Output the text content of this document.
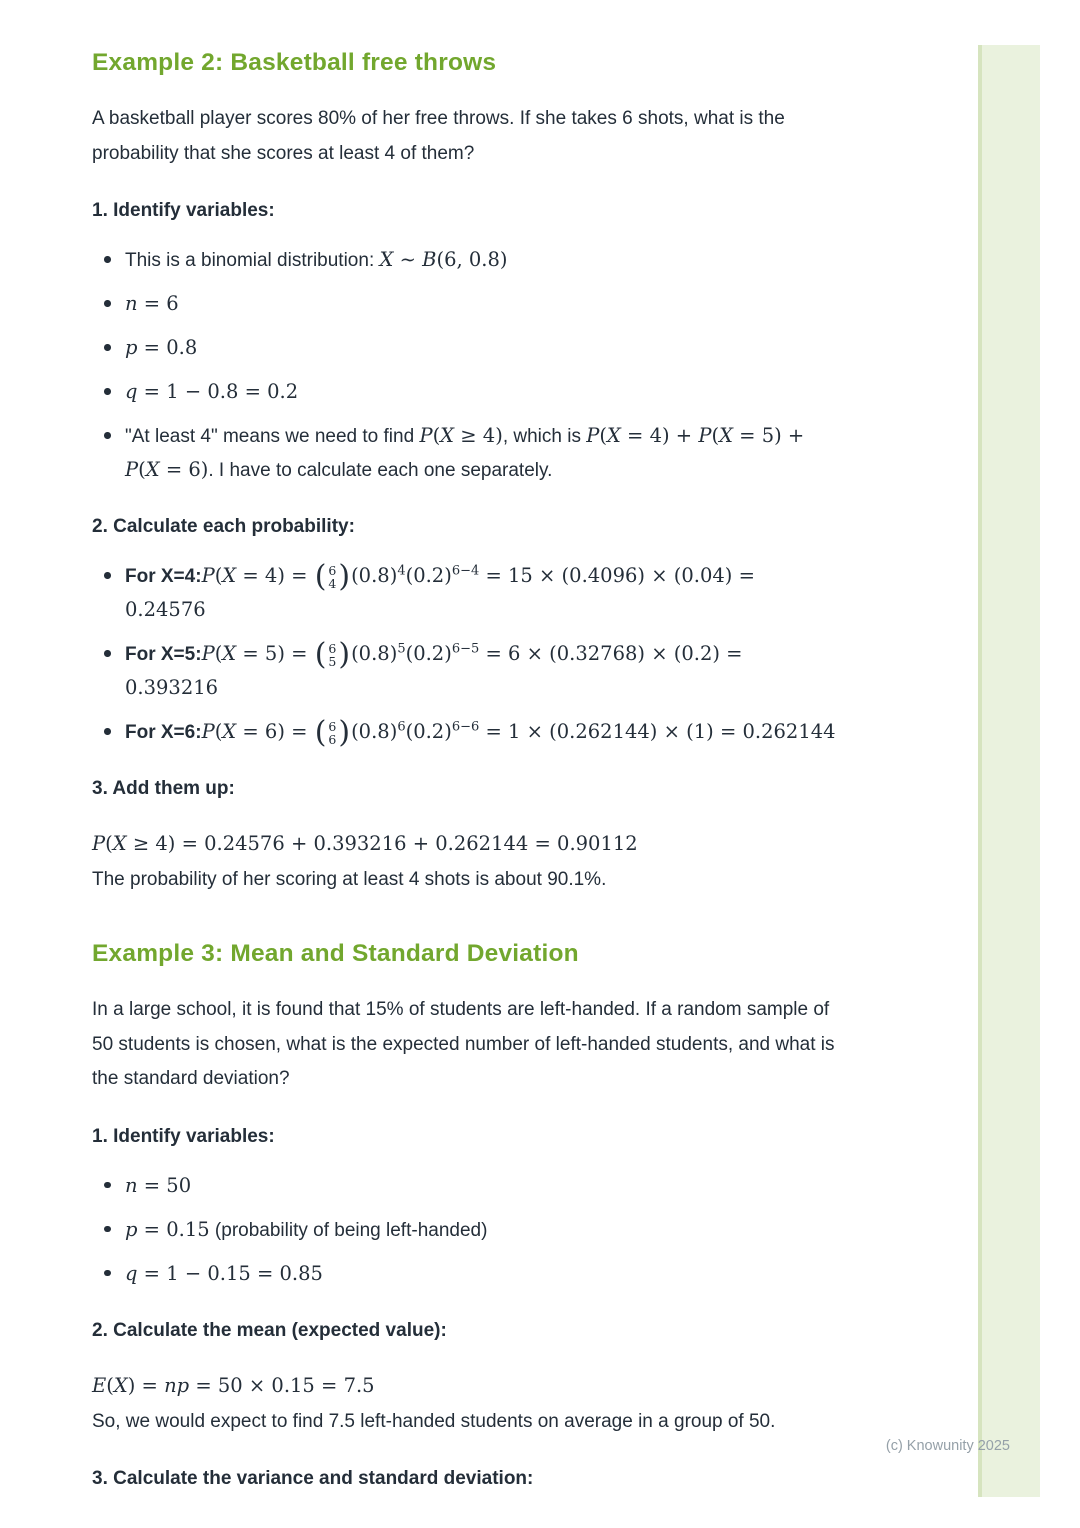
(c) Knowunity 2025
Example 2: Basketball free throws

A basketball player scores 80% of her free throws. If she takes 6 shots, what is the probability that she scores at least 4 of them?

1. Identify variables:

This is a binomial distribution: X ∼ B(6, 0.8)
n = 6
p = 0.8
q = 1 − 0.8 = 0.2
"At least 4" means we need to find P(X ≥ 4), which is P(X = 4) + P(X = 5) + P(X = 6). I have to calculate each one separately.

2. Calculate each probability:

For X=4:P(X = 4) = ( 6
4 ) $(0.8)^4(0.2)^{6-4} = 15 \times (0.4096) \times (0.04) = 0.24576$
For X=5:P(X = 5) = ( 6
5 ) $(0.8)^5(0.2)^{6-5} = 6 \times (0.32768) \times (0.2) = 0.393216$
For X=6:P(X = 6) = ( 6
6 ) $(0.8)^6(0.2)^{6-6} = 1 \times (0.262144) \times (1) = 0.262144$

3. Add them up:

P(X ≥ 4) = 0.24576 + 0.393216 + 0.262144 = 0.90112
The probability of her scoring at least 4 shots is about 90.1%.
Example 3: Mean and Standard Deviation

In a large school, it is found that 15% of students are left-handed. If a random sample of 50 students is chosen, what is the expected number of left-handed students, and what is the standard deviation?

1. Identify variables:

n = 50
p = 0.15 (probability of being left-handed)
q = 1 − 0.15 = 0.85

2. Calculate the mean (expected value):

E(X) = np = 50 × 0.15 = 7.5
So, we would expect to find 7.5 left-handed students on average in a group of 50.

3. Calculate the variance and standard deviation:
